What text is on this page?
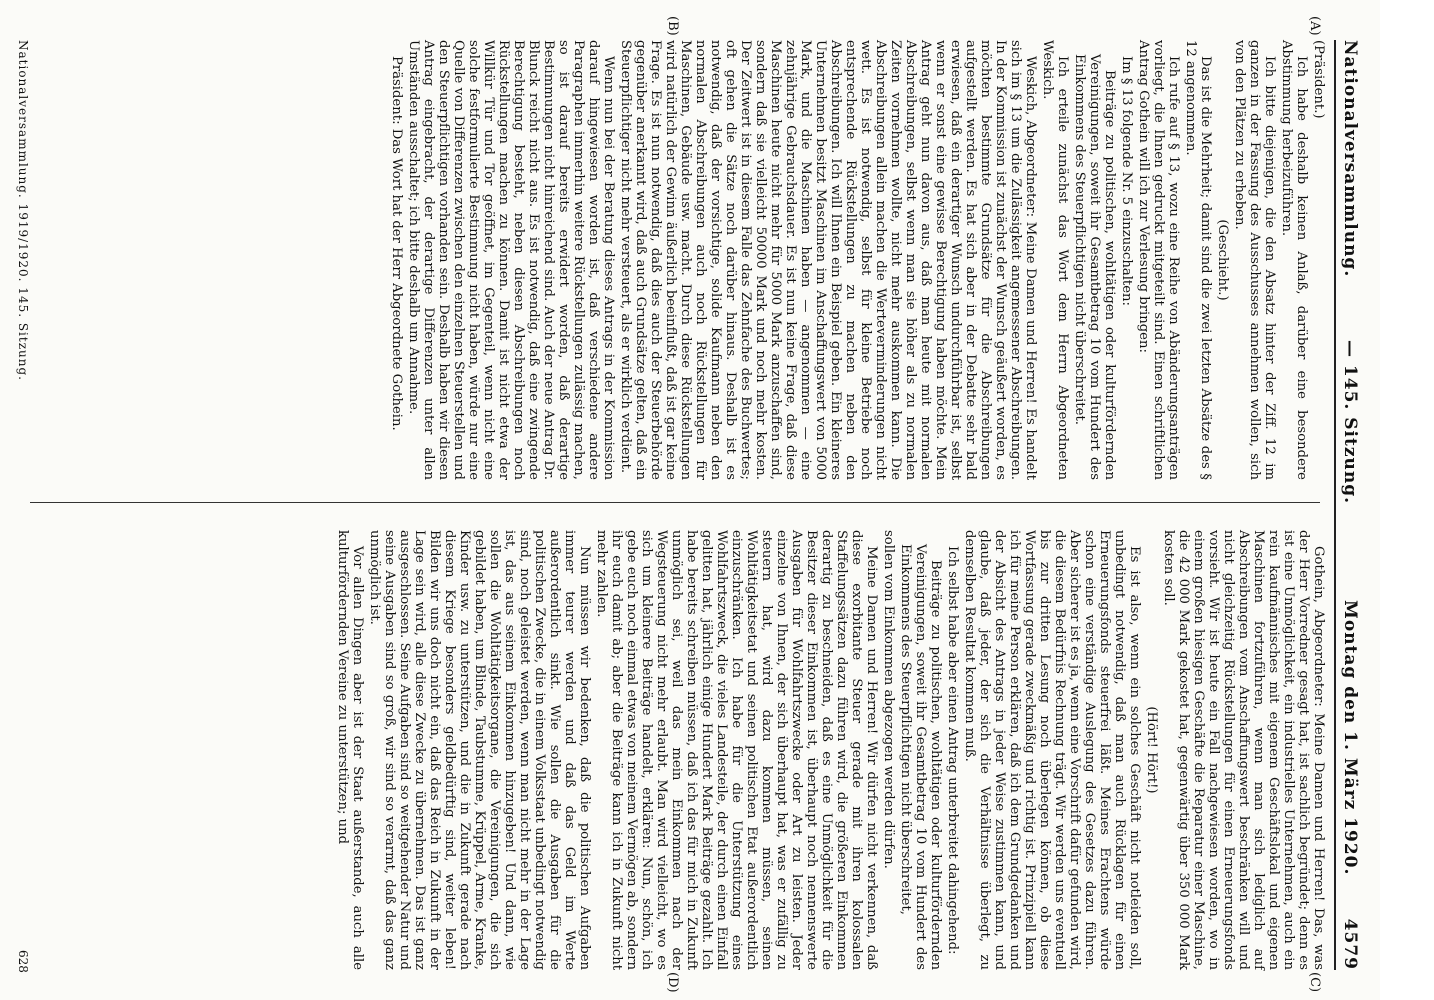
Nationalversammlung.
— 145. Sitzung.
Montag den 1. März 1920.
4579
(A)
(B)
(C)
(D)

(Präsident.)

Ich habe deshalb keinen Anlaß, darüber eine besondere Abstimmung herbeizuführen.

Ich bitte diejenigen, die den Absatz hinter der Ziff. 12 im ganzen in der Fassung des Ausschusses annehmen wollen, sich von den Plätzen zu erheben.

(Geschieht.)

Das ist die Mehrheit; damit sind die zwei letzten Absätze des § 12 angenommen.

Ich rufe auf § 13, wozu eine Reihe von Abänderungsanträgen vorliegt, die Ihnen gedruckt mitgeteilt sind. Einen schriftlichen Antrag Gothein will ich zur Verlesung bringen:

Im § 13 folgende Nr. 5 einzuschalten:

Beiträge zu politischen, wohltätigen oder kulturfördernden Vereinigungen, soweit ihr Gesamtbetrag 10 vom Hundert des Einkommens des Steuerpflichtigen nicht überschreitet.

Ich erteile zunächst das Wort dem Herrn Abgeordneten Weskich.

Weskich, Abgeordneter: Meine Damen und Herren! Es handelt sich im § 13 um die Zulässigkeit angemessener Abschreibungen. In der Kommission ist zunächst der Wunsch geäußert worden, es möchten bestimmte Grundsätze für die Abschreibungen aufgestellt werden. Es hat sich aber in der Debatte sehr bald erwiesen, daß ein derartiger Wunsch undurchführbar ist, selbst wenn er sonst eine gewisse Berechtigung haben möchte. Mein Antrag geht nun davon aus, daß man heute mit normalen Abschreibungen, selbst wenn man sie höher als zu normalen Zeiten vornehmen wollte, nicht mehr auskommen kann. Die Abschreibungen allein machen die Werteverminderungen nicht wett. Es ist notwendig, selbst für kleine Betriebe noch entsprechende Rückstellungen zu machen neben den Abschreibungen. Ich will Ihnen ein Beispiel geben. Ein kleineres Unternehmen besitzt Maschinen im Anschaffungswert von 5000 Mark, und die Maschinen haben — angenommen — eine zehnjährige Gebrauchsdauer. Es ist nun keine Frage, daß diese Maschinen heute nicht mehr für 5000 Mark anzuschaffen sind, sondern daß sie vielleicht 50000 Mark und noch mehr kosten. Der Zeitwert ist in diesem Falle das Zehnfache des Buchwertes; oft gehen die Sätze noch darüber hinaus. Deshalb ist es notwendig, daß der vorsichtige, solide Kaufmann neben den normalen Abschreibungen auch noch Rückstellungen für Maschinen, Gebäude usw. macht. Durch diese Rückstellungen wird natürlich der Gewinn äußerlich beeinflußt, daß ist gar keine Frage. Es ist nun notwendig, daß dies auch der Steuerbehörde gegenüber anerkannt wird, daß auch Grundsätze gelten, daß ein Steuerpflichtiger nicht mehr versteuert, als er wirklich verdient.

Wenn nun bei der Beratung dieses Antrags in der Kommission darauf hingewiesen worden ist, daß verschiedene andere Paragraphen immerhin weitere Rückstellungen zulässig machen, so ist darauf bereits erwidert worden, daß derartige Bestimmungen nicht hinreichend sind. Auch der neue Antrag Dr. Blunck reicht nicht aus. Es ist notwendig, daß eine zwingende Berechtigung besteht, neben diesen Abschreibungen noch Rückstellungen machen zu können. Damit ist nicht etwa der Willkür Tür und Tor geöffnet, im Gegenteil, wenn nicht eine solche festformulierte Bestimmung nicht haben, würde nur eine Quelle von Differenzen zwischen den einzelnen Steuerstellen und den Steuerpflichtigen vorhanden sein. Deshalb haben wir diesen Antrag eingebracht, der derartige Differenzen unter allen Umständen ausschaltet; ich bitte deshalb um Annahme.

Präsident: Das Wort hat der Herr Abgeordnete Gothein.

Gothein, Abgeordneter: Meine Damen und Herren! Das, was der Herr Vorredner gesagt hat, ist sachlich begründet; denn es ist eine Unmöglichkeit, ein industrielles Unternehmen, auch ein rein kaufmännisches mit eigenem Geschäftslokal und eigenen Maschinen fortzuführen, wenn man sich lediglich auf Abschreibungen vom Anschaffungswert beschränken will und nicht gleichzeitig Rückstellungen für einen Erneuerungsfonds vorsieht. Wir ist heute ein Fall nachgewiesen worden, wo in einem großen hiesigen Geschäfte die Reparatur einer Maschine, die 42 000 Mark gekostet hat, gegenwärtig über 350 000 Mark kosten soll.

(Hört! Hört!)

Es ist also, wenn ein solches Geschäft nicht notleiden soll, unbedingt notwendig, daß man auch Rücklagen für einen Erneuerungsfonds steuerfrei läßt. Meines Erachtens würde schon eine verständige Auslegung des Gesetzes dazu führen. Aber sicherer ist es ja, wenn eine Vorschrift dafür gefunden wird, die diesem Bedürfnis Rechnung trägt. Wir werden uns eventuell bis zur dritten Lesung noch überlegen können, ob diese Wortfassung gerade zweckmäßig und richtig ist. Prinzipiell kann ich für meine Person erklären, daß ich dem Grundgedanken und der Absicht des Antrags in jeder Weise zustimmen kann, und glaube, daß jeder, der sich die Verhältnisse überlegt, zu demselben Resultat kommen muß.

Ich selbst habe aber einen Antrag unterbreitet dahingehend:

Beiträge zu politischen, wohltätigen oder kulturfördernden Vereinigungen, soweit ihr Gesamtbetrag 10 vom Hundert des Einkommens des Steuerpflichtigen nicht überschreitet,

sollen vom Einkommen abgezogen werden dürfen.

Meine Damen und Herren! Wir dürfen nicht verkennen, daß diese exorbitante Steuer gerade mit ihren kolossalen Staffelungssätzen dazu führen wird, die größeren Einkommen derartig zu beschneiden, daß es eine Unmöglichkeit für die Besitzer dieser Einkommen ist, überhaupt noch nennenswerte Ausgaben für Wohlfahrtszwecke oder Art zu leisten. Jeder einzelne von Ihnen, der sich überhaupt hat, was er zufällig zu steuern hat, wird dazu kommen müssen, seinen Wohltätigkeitsetat und seinen politischen Etat außerordentlich einzuschränken. Ich habe für die Unterstützung eines Wohlfahrtszweck, die vieles Landesteile, der durch einen Einfall gelitten hat, jährlich einige Hundert Mark Beiträge gezahlt. Ich habe bereits schreiben müssen, daß ich das für mich in Zukunft unmöglich sei, weil das mein Einkommen nach der Wegsteuerung nicht mehr erlaubt. Man wird vielleicht, wo es sich um kleinere Beiträge handelt, erklären: Nun, schön, ich gebe euch noch einmal etwas von meinem Vermögen ab, sondern ihr euch damit ab; aber die Beiträge kann ich in Zukunft nicht mehr zahlen.

Nun müssen wir bedenken, daß die politischen Aufgaben immer teurer werden und daß das Geld im Werte außerordentlich sinkt. Wie sollen die Ausgaben für die politischen Zwecke, die in einem Volksstaat unbedingt notwendig sind, noch geleistet werden, wenn man nicht mehr in der Lage ist, das aus seinem Einkommen hinzugeben! Und dann, wie sollen die Wohltätigkeitsorgane, die Vereinigungen, die sich gebildet haben, um Blinde, Taubstumme, Krüppel, Arme, Kranke, Kinder usw. zu unterstützen, und die in Zukunft gerade nach diesem Kriege besonders geldbedürftig sind, weiter leben! Bilden wir uns doch nicht ein, daß das Reich in Zukunft in der Lage sein wird, alle diese Zwecke zu übernehmen. Das ist ganz ausgeschlossen. Seine Aufgaben sind so weitgehender Natur und seine Ausgaben sind so groß, wir sind so verarmt, daß das ganz unmöglich ist.

Vor allen Dingen aber ist der Staat außerstande, auch alle kulturfördernden Vereine zu unterstützen; und

Nationalversammlung. 1919/1920. 145. Sitzung.
628
